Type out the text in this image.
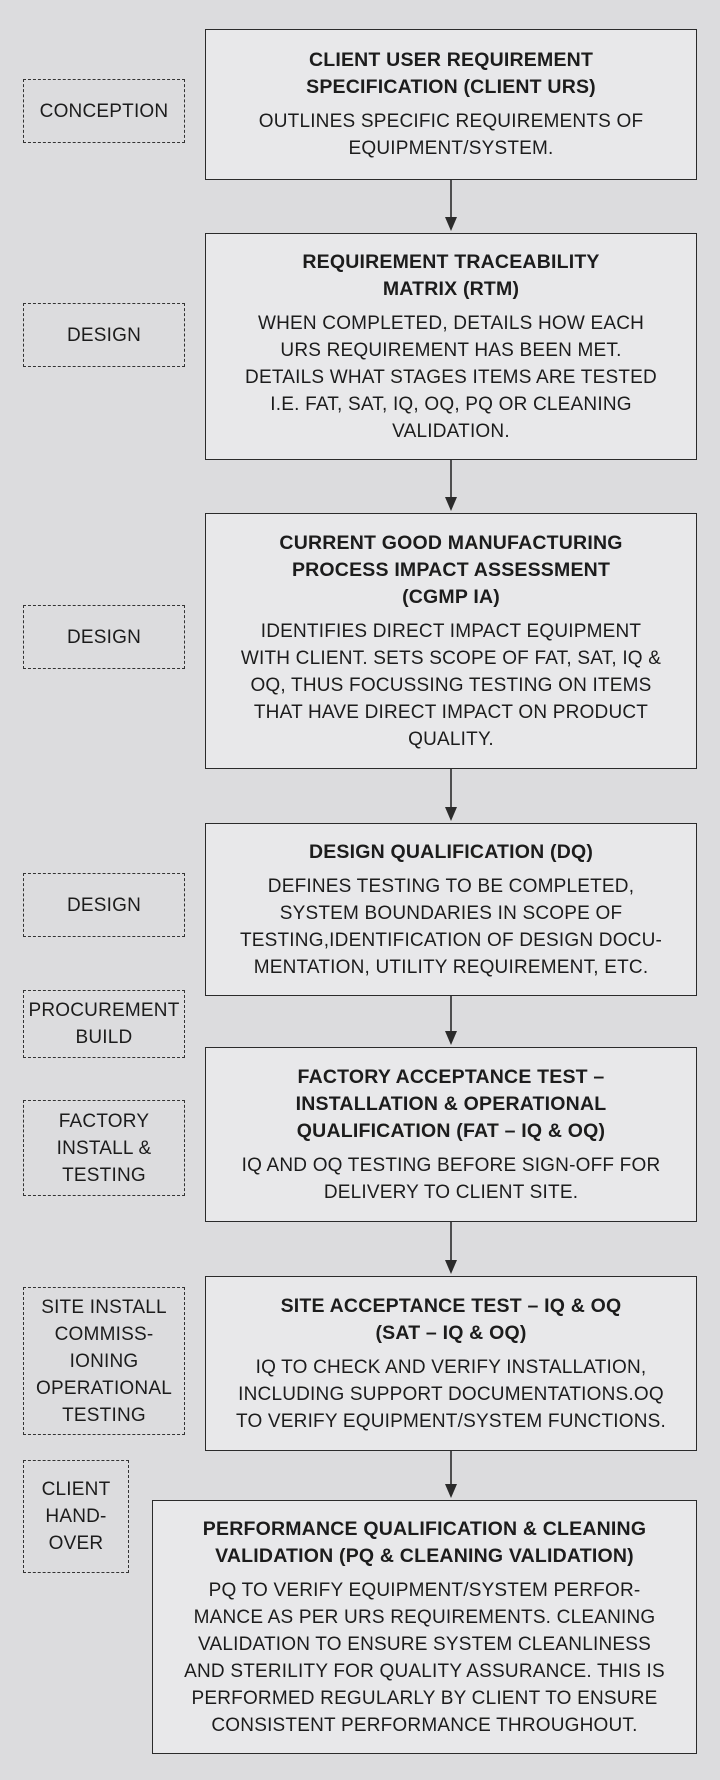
CONCEPTION
DESIGN
DESIGN
DESIGN
PROCUREMENT
BUILD
FACTORY
INSTALL &
TESTING
SITE INSTALL
COMMISS-
IONING
OPERATIONAL
TESTING
CLIENT
HAND-
OVER
CLIENT USER REQUIREMENT
SPECIFICATION (CLIENT URS)
OUTLINES SPECIFIC REQUIREMENTS OF
EQUIPMENT/SYSTEM.
REQUIREMENT TRACEABILITY
MATRIX (RTM)
WHEN COMPLETED, DETAILS HOW EACH
URS REQUIREMENT HAS BEEN MET.
DETAILS WHAT STAGES ITEMS ARE TESTED
I.E. FAT, SAT, IQ, OQ, PQ OR CLEANING
VALIDATION.
CURRENT GOOD MANUFACTURING
PROCESS IMPACT ASSESSMENT
(CGMP IA)
IDENTIFIES DIRECT IMPACT EQUIPMENT
WITH CLIENT. SETS SCOPE OF FAT, SAT, IQ &
OQ, THUS FOCUSSING TESTING ON ITEMS
THAT HAVE DIRECT IMPACT ON PRODUCT
QUALITY.
DESIGN QUALIFICATION (DQ)
DEFINES TESTING TO BE COMPLETED,
SYSTEM BOUNDARIES IN SCOPE OF
TESTING,IDENTIFICATION OF DESIGN DOCU-
MENTATION, UTILITY REQUIREMENT, ETC.
FACTORY ACCEPTANCE TEST –
INSTALLATION & OPERATIONAL
QUALIFICATION (FAT – IQ & OQ)
IQ AND OQ TESTING BEFORE SIGN-OFF FOR
DELIVERY TO CLIENT SITE.
SITE ACCEPTANCE TEST – IQ & OQ
(SAT – IQ & OQ)
IQ TO CHECK AND VERIFY INSTALLATION,
INCLUDING SUPPORT DOCUMENTATIONS.OQ
TO VERIFY EQUIPMENT/SYSTEM FUNCTIONS.
PERFORMANCE QUALIFICATION & CLEANING
VALIDATION (PQ & CLEANING VALIDATION)
PQ TO VERIFY EQUIPMENT/SYSTEM PERFOR-
MANCE AS PER URS REQUIREMENTS. CLEANING
VALIDATION TO ENSURE SYSTEM CLEANLINESS
AND STERILITY FOR QUALITY ASSURANCE. THIS IS
PERFORMED REGULARLY BY CLIENT TO ENSURE
CONSISTENT PERFORMANCE THROUGHOUT.
